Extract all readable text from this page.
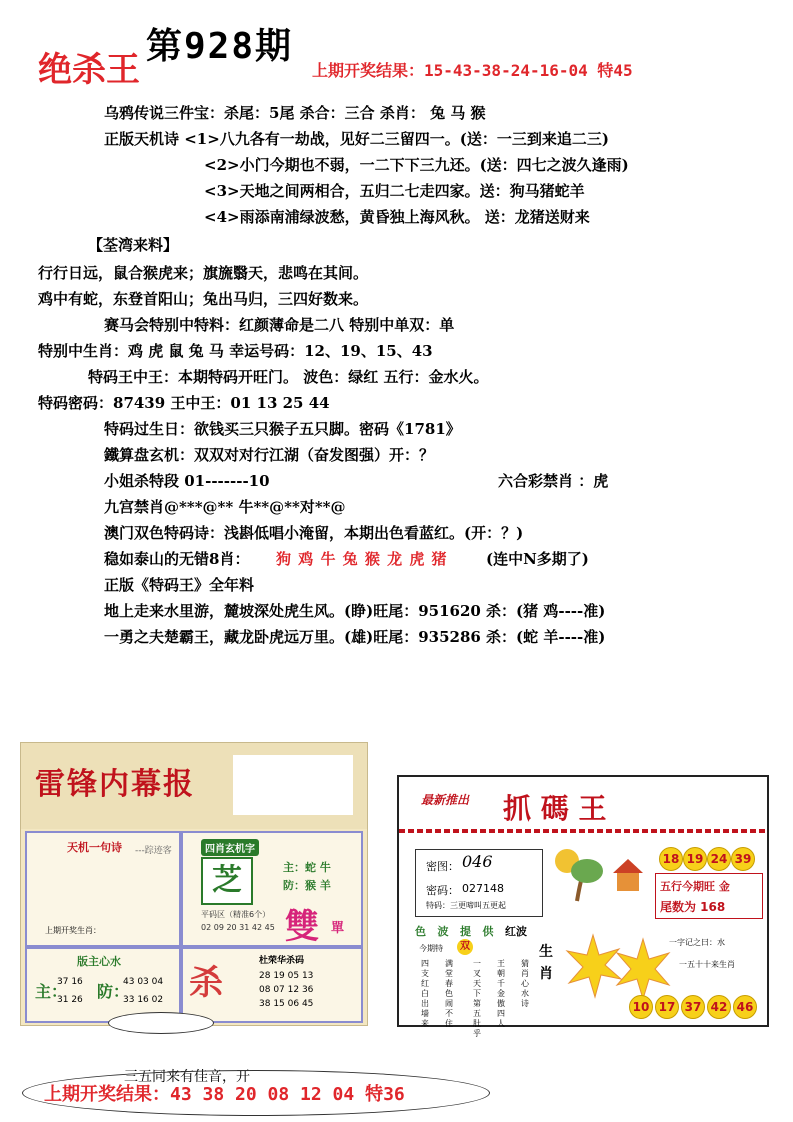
绝杀王
第928期
上期开奖结果：15-43-38-24-16-04 特45
乌鸦传说三件宝：杀尾：5尾 杀合：三合 杀肖： 兔 马 猴
正版天机诗 <1>八九各有一劫战，见好二三留四一。(送：一三到来追二三)
<2>小门今期也不弱，一二下下三九还。(送：四七之波久逢雨)
<3>天地之间两相合，五归二七走四家。送：狗马猪蛇羊
<4>雨添南浦绿波愁，黄昏独上海风秋。 送：龙猪送财来
【荃湾来料】
行行日远，鼠合猴虎来；旗旒翳天，悲鸣在其间。
鸡中有蛇，东登首阳山；兔出马归，三四好数来。
赛马会特别中特料：红颜薄命是二八 特别中单双：单
特别中生肖：鸡 虎 鼠 兔 马 幸运号码：12、19、15、43
特码王中王：本期特码开旺门。 波色：绿红 五行：金水火。
特码密码：87439 王中王：01 13 25 44
特码过生日：欲钱买三只猴子五只脚。密码《1781》
鐵算盘玄机：双双对对行江湖（奋发图强）开：？
小姐杀特段 01-------10	六合彩禁肖 ：虎
九宫禁肖@***@** 牛**@**对**@
澳门双色特码诗：浅斟低唱小淹留，本期出色看蓝红。(开：？)
稳如泰山的无错8肖： 狗 鸡 牛 兔 猴 龙 虎 猪	(连中N多期了)
正版《特码王》全年料
地上走来水里游，麓坡深处虎生风。(睁)旺尾：951620 杀：(猪 鸡----准)
一勇之夫楚霸王，藏龙卧虎远万里。(雄)旺尾：935286 杀：(蛇 羊----准)
雷锋内幕报
天机一句诗 ---踪迹客
上期开奖生肖：
四肖玄机字
芝	主：蛇 牛
防：猴 羊
平码区（精准6个）
02 09 20 31 42 45 雙 單
版主心水
主：
37 16
31 26 防：
43 03 04
33 16 02 杀
杜荣华杀码
28 19 05 13
08 07 12 36
38 15 06 45
最新推出 抓 碼 王
密图： 046
密码： 027148
特码：三更啼叫五更起
色 波 提 供 红波
今期特	双	生
肖
四支红白出墙来
满堂春色闹不住
一叉天下第五肚乎
王朝千金傲四人
猜肖心水诗
18 19 24 39
五行今期旺 金
尾数为 168
一字记之曰：水
一五十十来生肖
10 17 37 42 46
三五同来有佳音，开
上期开奖结果：43 38 20 08 12 04 特36
